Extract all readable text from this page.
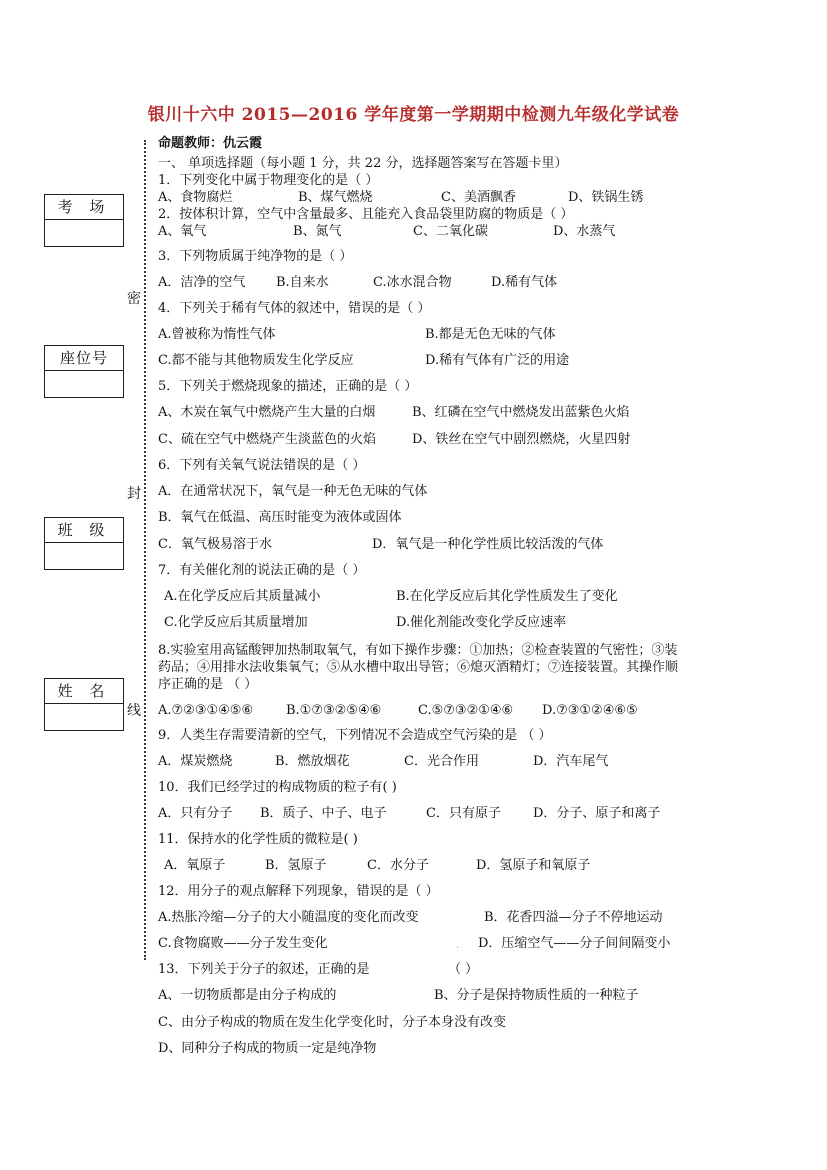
银川十六中 2015—2016 学年度第一学期期中检测九年级化学试卷
考 场
座位号
班 级
姓 名
密
封
线
命题教师：仇云霞
一、 单项选择题（每小题 1 分，共 22 分，选择题答案写在答题卡里）
1．下列变化中属于物理变化的是（ ）
A、食物腐烂	B、煤气燃烧	C、美酒飘香	D、铁锅生锈
2．按体积计算，空气中含量最多、且能充入食品袋里防腐的物质是（ ）
A、氧气	B、氮气	C、二氧化碳	D、水蒸气
3．下列物质属于纯净物的是（ ）
A．洁净的空气 B.自来水	C.冰水混合物	D.稀有气体
4．下列关于稀有气体的叙述中，错误的是（ ）
A.曾被称为惰性气体	B.都是无色无味的气体
C.都不能与其他物质发生化学反应	D.稀有气体有广泛的用途
5．下列关于燃烧现象的描述，正确的是（ ）
A、木炭在氧气中燃烧产生大量的白烟	B、红磷在空气中燃烧发出蓝紫色火焰
C、硫在空气中燃烧产生淡蓝色的火焰	D、铁丝在空气中剧烈燃烧，火星四射
6．下列有关氧气说法错误的是（ ）
A．在通常状况下，氧气是一种无色无味的气体
B．氧气在低温、高压时能变为液体或固体
C．氧气极易溶于水	D．氧气是一种化学性质比较活泼的气体
7．有关催化剂的说法正确的是（ ）
A.在化学反应后其质量减小	B.在化学反应后其化学性质发生了变化
C.化学反应后其质量增加	D.催化剂能改变化学反应速率
8.实验室用高锰酸钾加热制取氧气，有如下操作步骤：①加热；②检查装置的气密性；③装
药品；④用排水法收集氧气；⑤从水槽中取出导管；⑥熄灭酒精灯；⑦连接装置。其操作顺
序正确的是 （ ）
A.⑦②③①④⑤⑥	B.①⑦③②⑤④⑥	C.⑤⑦③②①④⑥ D.⑦③①②④⑥⑤
9．人类生存需要清新的空气，下列情况不会造成空气污染的是 （ ）
A．煤炭燃烧	B．燃放烟花	C．光合作用	D．汽车尾气
10．我们已经学过的构成物质的粒子有( )
A．只有分子 B．质子、中子、电子	C．只有原子 D．分子、原子和离子
11．保持水的化学性质的微粒是( )
A．氧原子	B．氢原子	C．水分子	D．氢原子和氧原子
12．用分子的观点解释下列现象，错误的是（ ）
A.热胀冷缩—分子的大小随温度的变化而改变	B．花香四溢—分子不停地运动
C.食物腐败——分子发生变化	. D．压缩空气——分子间间隔变小
13．下列关于分子的叙述，正确的是	（ ）
A、一切物质都是由分子构成的	B、分子是保持物质性质的一种粒子
C、由分子构成的物质在发生化学变化时，分子本身没有改变
D、同种分子构成的物质一定是纯净物
